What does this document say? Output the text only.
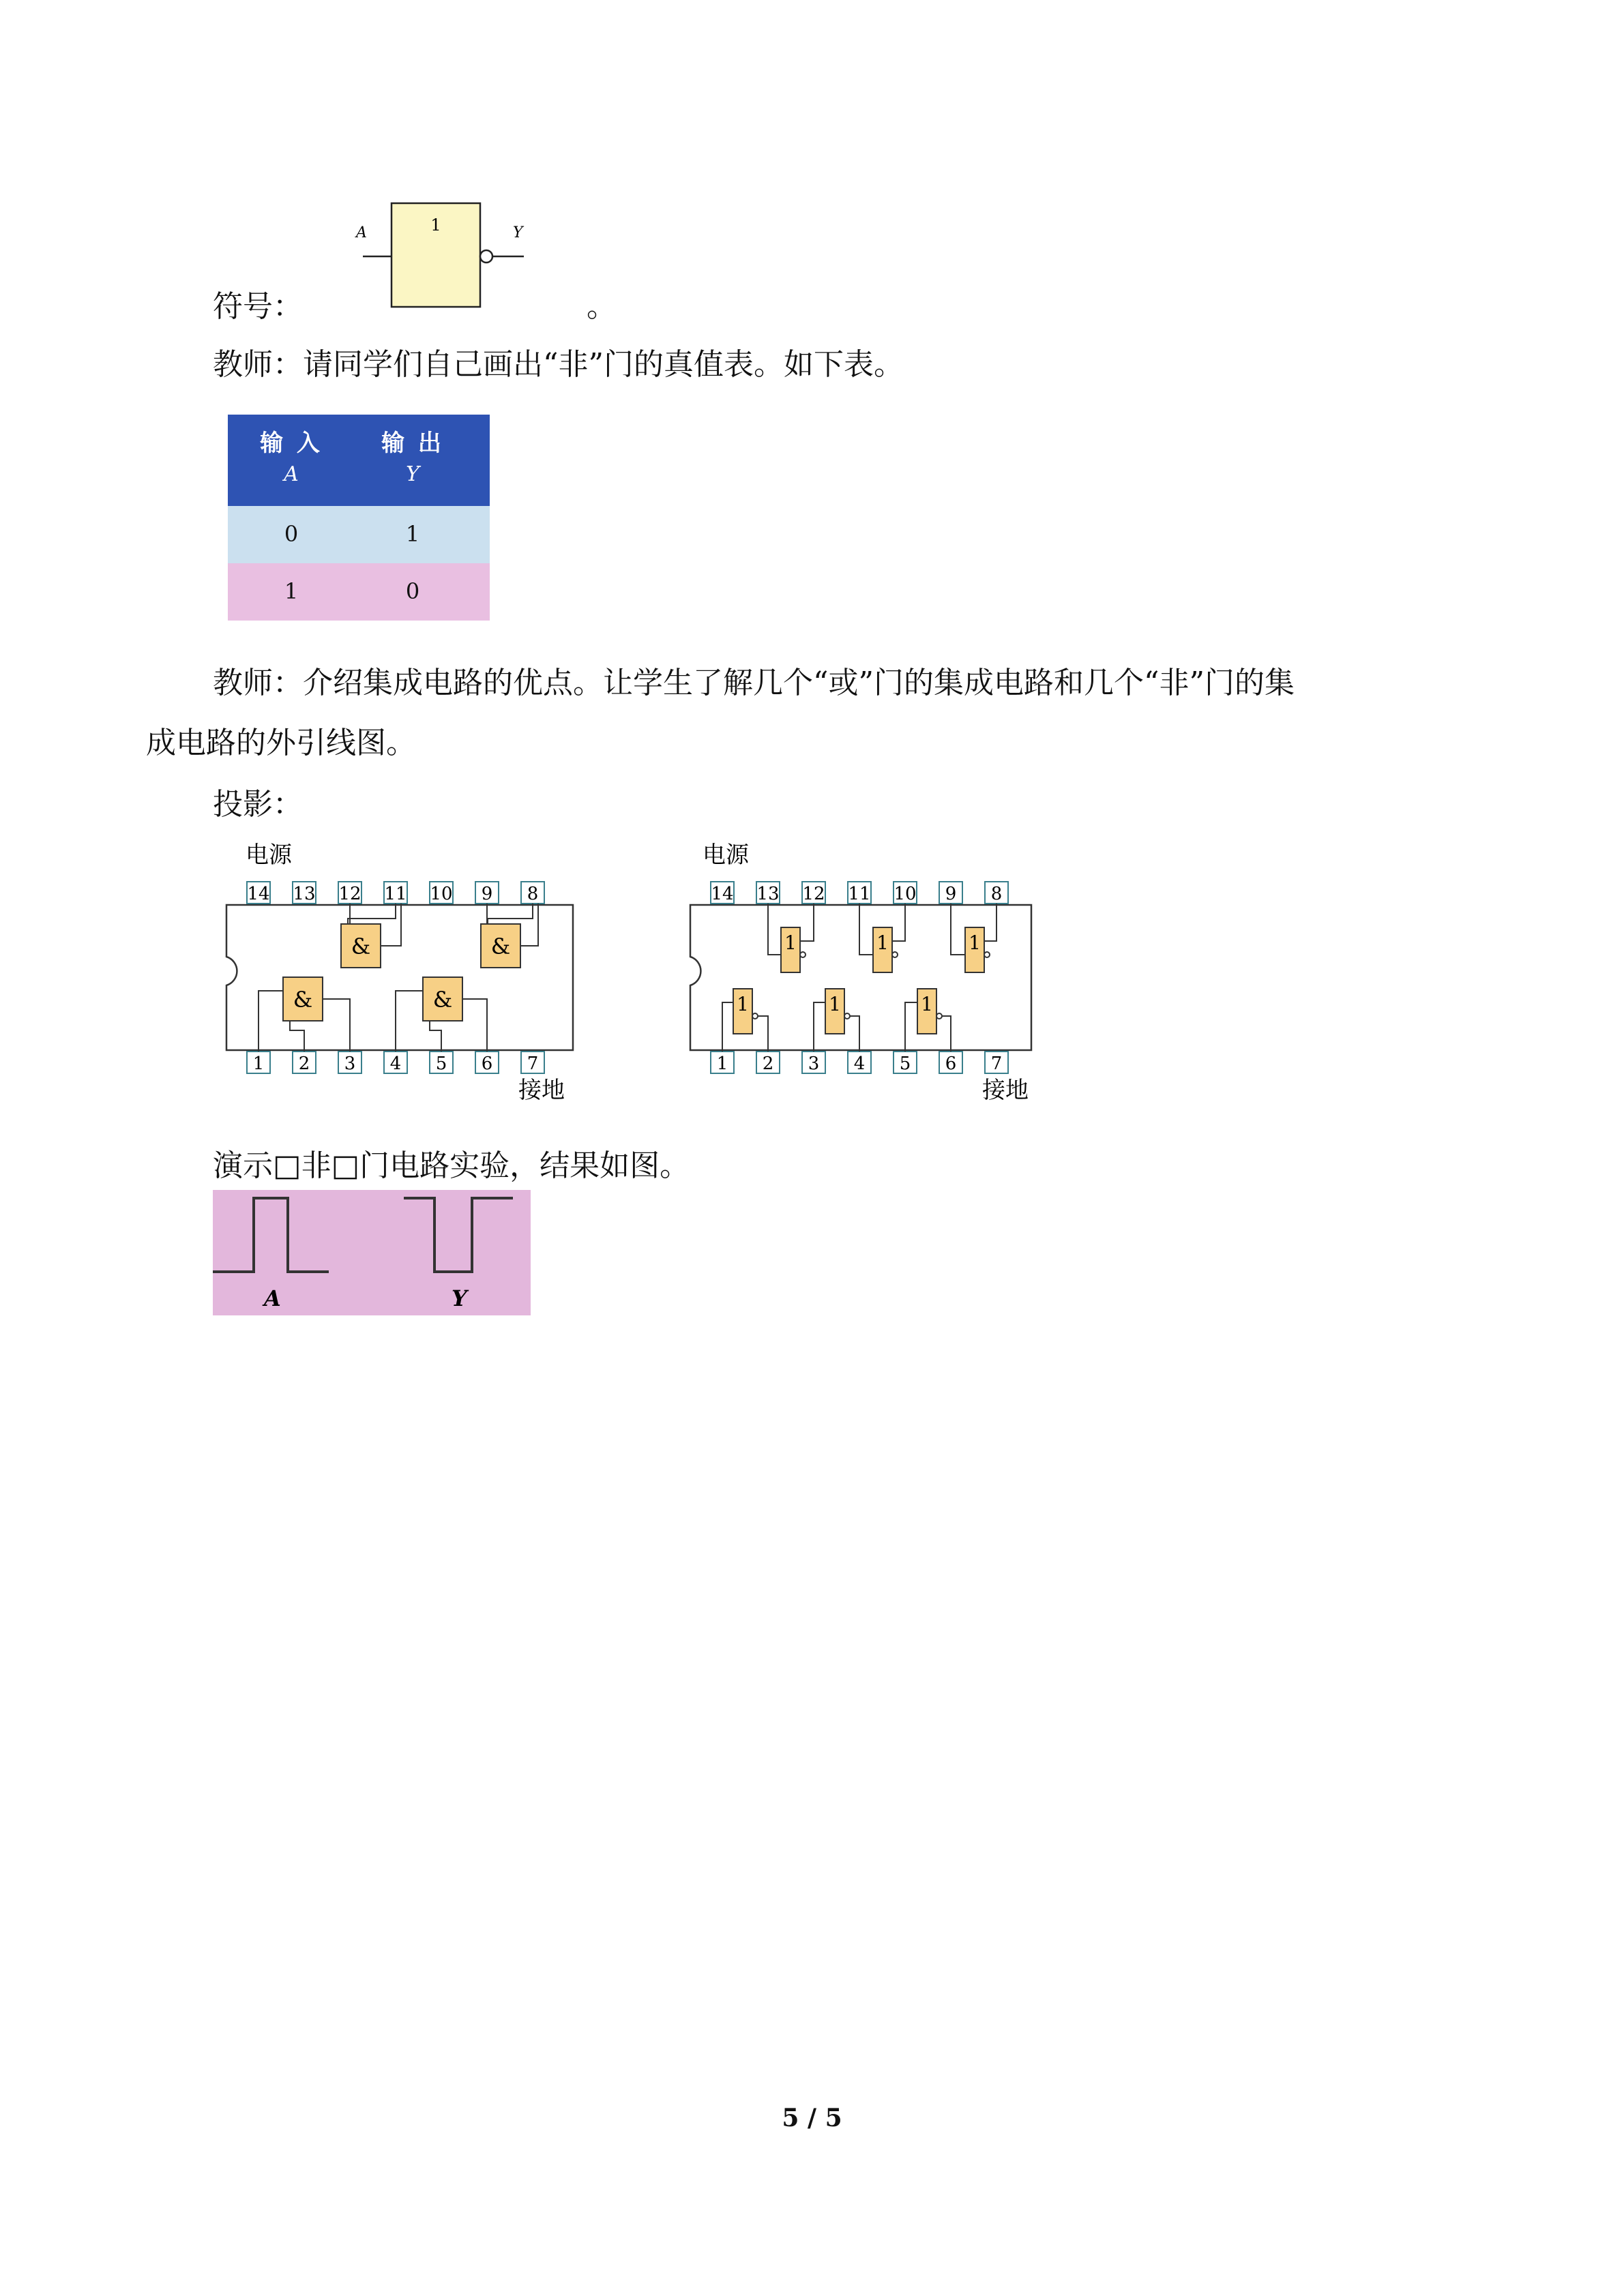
A	Y
1
符号：	。
教师：请同学们自己画出“非”门的真值表。如下表。
输 入	输 出
A	Y
0	1
1	0
教师：介绍集成电路的优点。让学生了解几个“或”门的集成电路和几个“非”门的集
成电路的外引线图。
投影：
电源
接地
14 13 12 11 10 9 8
1 2 3 4 5 6 7
&	&
&	&
电源
接地
14 13 12 11 10 9 8
1 2 3 4 5 6 7
1	1	1
1	1	1
演示□非□门电路实验，结果如图。
A	Y
5 / 5
